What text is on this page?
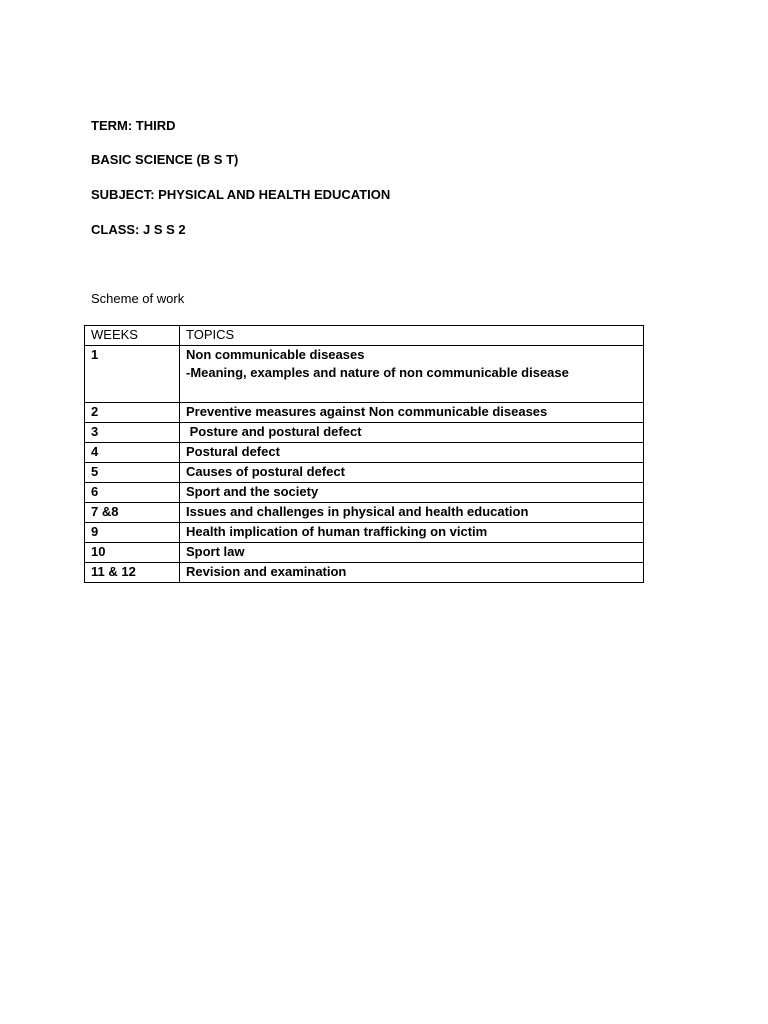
TERM: THIRD
BASIC SCIENCE (B S T)
SUBJECT: PHYSICAL AND HEALTH EDUCATION
CLASS: J S S 2
Scheme of work
WEEKS	TOPICS
1	Non communicable diseases
-Meaning, examples and nature of non communicable disease

2	Preventive measures against Non communicable diseases
3	Posture and postural defect
4	Postural defect
5	Causes of postural defect
6	Sport and the society
7 &8	Issues and challenges in physical and health education
9	Health implication of human trafficking on victim
10	Sport law
11 & 12	Revision and examination
